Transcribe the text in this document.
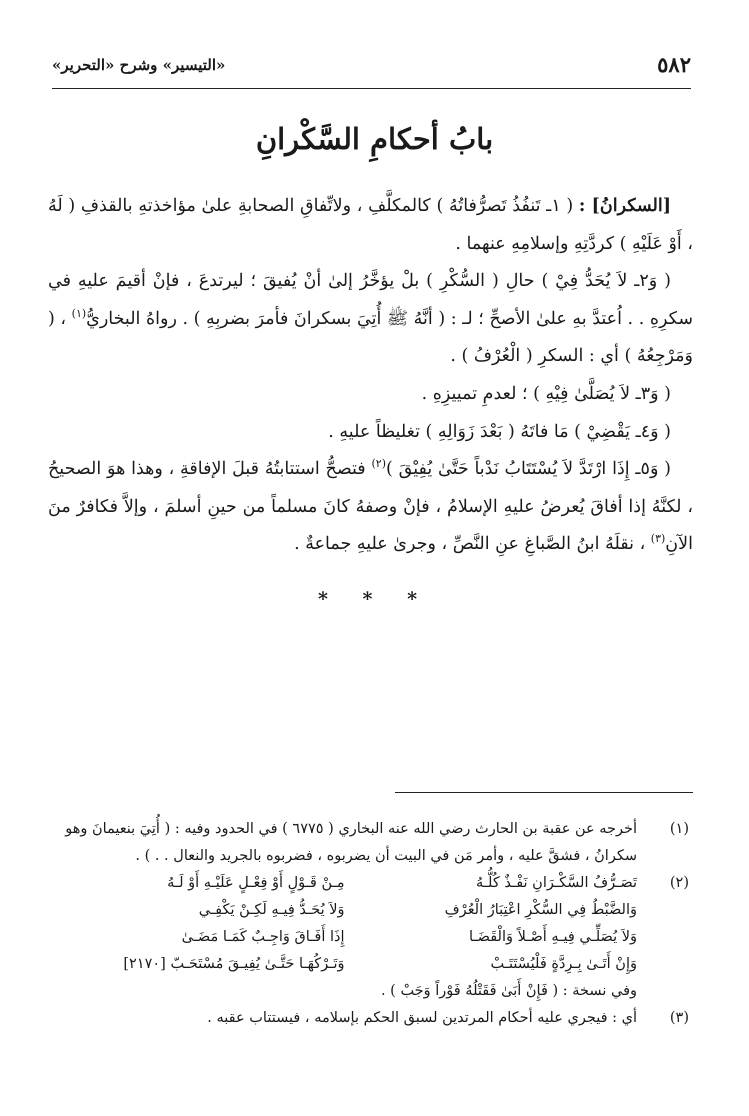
٥٨٢
«التيسير» وشرح «التحرير»
بابُ أحكامِ السَّكْرانِ

[السكرانُ] : ( ١ـ تَنفُذُ تَصرُّفاتُهُ ) كالمكلَّفِ ، ولاتِّفاقِ الصحابةِ علىٰ مؤاخذتهِ بالقذفِ ( لَهُ ، أَوْ عَلَيْهِ ) كردَّتِهِ وإسلامِهِ عنهما .

( وَ٢ـ لاَ يُحَدُّ فِيْ ) حالِ ( السُّكْرِ ) بلْ يؤخَّرُ إلىٰ أنْ يُفيقَ ؛ ليرتدعَ ، فإنْ أقيمَ عليهِ في سكرِهِ . . اُعتدَّ بهِ علىٰ الأصحِّ ؛ لـ : ( أنَّهُ ﷺ أُتِيَ بسكرانَ فأمرَ بضربِهِ ) . رواهُ البخاريُّ$^{(١)}$ ، ( وَمَرْجِعُهُ ) أي : السكرِ ( الْعُرْفُ ) .

( وَ٣ـ لاَ يُصَلَّىٰ فِيْهِ ) ؛ لعدمِ تمييزِهِ .

( وَ٤ـ يَقْضِيْ ) مَا فاتَهُ ( بَعْدَ زَوَالِهِ ) تغليظاً عليهِ .

( وَ٥ـ إِذَا ارْتَدَّ لاَ يُسْتَتَابُ نَدْباً حَتَّىٰ يُفِيْقَ )$^{(٢)}$ فتصحُّ استتابتُهُ قبلَ الإفاقةِ ، وهذا هوَ الصحيحُ ، لكنَّهُ إذا أفاقَ يُعرضُ عليهِ الإسلامُ ، فإنْ وصفهُ كانَ مسلماً من حينِ أسلمَ ، وإلاَّ فكافرٌ منَ الآنِ$^{(٣)}$ ، نقلَهُ ابنُ الصَّباغِ عنِ النَّصِّ ، وجرىٰ عليهِ جماعةٌ .

* * *
(١)

أخرجه عن عقبة بن الحارث رضي الله عنه البخاري ( ٦٧٧٥ ) في الحدود وفيه : ( أُتِيَ بنعيمانَ وهو سكرانُ ، فشقَّ عليه ، وأمر مَن في البيت أن يضربوه ، فضربوه بالجريد والنعال . . ) .

(٢)
تَصَـرُّفُ السَّكْـرَانِ نَفْـذٌ كُلُّـهُ	مِـنْ قَـوْلٍ أَوْ فِعْـلٍ عَلَيْـهِ أَوْ لَـهُ
وَالضَّبْطُ فِي السُّكْرِ اعْتِبَارُ الْعُرْفِ	وَلاَ يُحَـدُّ فِيـهِ لَكِـنْ يَكْفِـي
وَلاَ يُصَلِّـي فِيـهِ أَصْـلاً وَالْقَضَـا	إِذَا أَفَـاقَ وَاجِـبٌ كَمَـا مَضَـىٰ
وَإِنْ أَتَـىٰ بِـرِدَّةٍ فَلْيُسْتَتَـبْ	وَتَـرْكُهَـا حَتَّـىٰ يُفِيـقَ مُسْتَحَـبّ [٢١٧٠]

وفي نسخة : ( فَإِنْ أَبَىٰ فَقَتْلُهُ فَوْراً وَجَبْ ) .

(٣)

أي : فيجري عليه أحكام المرتدين لسبق الحكم بإسلامه ، فيستتاب عقبه .
